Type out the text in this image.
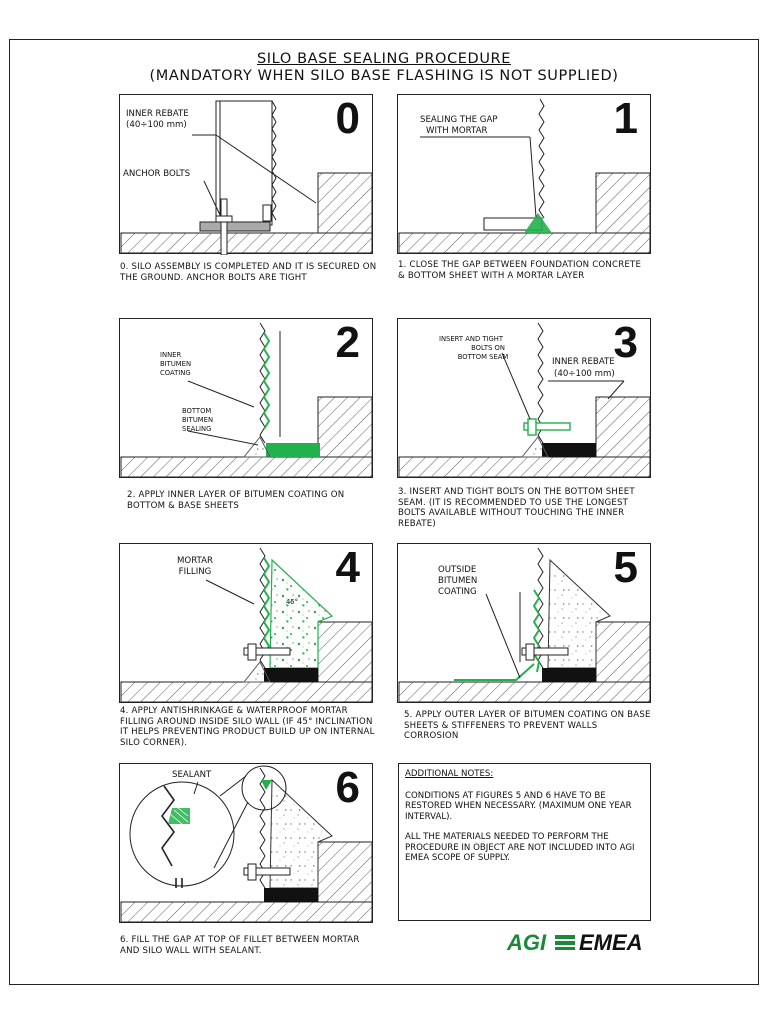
SILO BASE SEALING PROCEDURE
(MANDATORY WHEN SILO BASE FLASHING IS NOT SUPPLIED)
INNER REBATE
(40÷100 mm)
ANCHOR BOLTS
0
0. SILO ASSEMBLY IS COMPLETED AND IT IS SECURED ON THE GROUND. ANCHOR BOLTS ARE TIGHT
SEALING THE GAP
WITH MORTAR	1
1. CLOSE THE GAP BETWEEN FOUNDATION CONCRETE & BOTTOM SHEET WITH A MORTAR LAYER
INNER
BITUMEN
COATING
BOTTOM
BITUMEN
SEALING
2
2. APPLY INNER LAYER OF BITUMEN COATING ON BOTTOM & BASE SHEETS
INSERT AND TIGHT
BOLTS ON
BOTTOM SEAM	INNER REBATE
(40÷100 mm)
3
3. INSERT AND TIGHT BOLTS ON THE BOTTOM SHEET SEAM. (IT IS RECOMMENDED TO USE THE LONGEST BOLTS AVAILABLE WITHOUT TOUCHING THE INNER REBATE)
MORTAR
FILLING
45°
4
4. APPLY ANTISHRINKAGE & WATERPROOF MORTAR FILLING AROUND INSIDE SILO WALL (IF 45° INCLINATION IT HELPS PREVENTING PRODUCT BUILD UP ON INTERNAL SILO CORNER).
OUTSIDE
BITUMEN
COATING	5
5. APPLY OUTER LAYER OF BITUMEN COATING ON BASE SHEETS & STIFFENERS TO PREVENT WALLS CORROSION
SEALANT	6
6. FILL THE GAP AT TOP OF FILLET BETWEEN MORTAR AND SILO WALL WITH SEALANT.
ADDITIONAL NOTES:

CONDITIONS AT FIGURES 5 AND 6 HAVE TO BE RESTORED WHEN NECESSARY. (MAXIMUM ONE YEAR INTERVAL).

ALL THE MATERIALS NEEDED TO PERFORM THE PROCEDURE IN OBJECT ARE NOT INCLUDED INTO AGI EMEA SCOPE OF SUPPLY.

AGI EMEA
